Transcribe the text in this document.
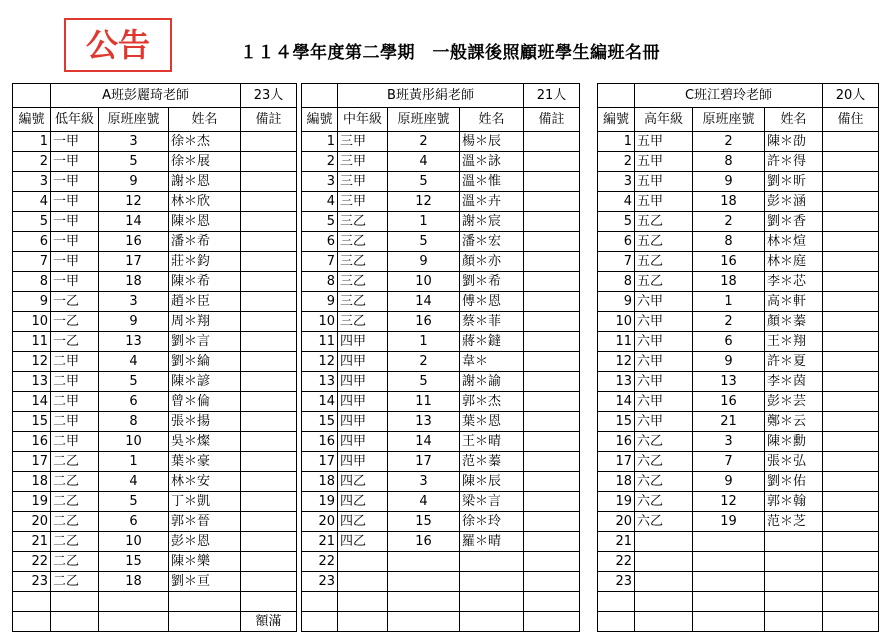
公告	１１４學年度第二學期　一般課後照顧班學生編班名冊
	A班彭麗琦老師			23人
編號	低年級	原班座號	姓名	備註
1	一甲	3	徐＊杰	
2	一甲	5	徐＊展	
3	一甲	9	謝＊恩	
4	一甲	12	林＊欣	
5	一甲	14	陳＊恩	
6	一甲	16	潘＊希	
7	一甲	17	莊＊鈞	
8	一甲	18	陳＊希	
9	一乙	3	趙＊臣	
10	一乙	9	周＊翔	
11	一乙	13	劉＊言	
12	二甲	4	劉＊綸	
13	二甲	5	陳＊諺	
14	二甲	6	曾＊倫	
15	二甲	8	張＊揚	
16	二甲	10	吳＊燦	
17	二乙	1	葉＊豪	
18	二乙	4	林＊安	
19	二乙	5	丁＊凱	
20	二乙	6	郭＊晉	
21	二乙	10	彭＊恩	
22	二乙	15	陳＊樂	
23	二乙	18	劉＊亘	

				額滿
	B班黃彤絹老師			21人
編號	中年級	原班座號	姓名	備註
1	三甲	2	楊＊辰	
2	三甲	4	溫＊詠	
3	三甲	5	溫＊惟	
4	三甲	12	溫＊卉	
5	三乙	1	謝＊宸	
6	三乙	5	潘＊宏	
7	三乙	9	顏＊亦	
8	三乙	10	劉＊希	
9	三乙	14	傅＊恩	
10	三乙	16	蔡＊菲	
11	四甲	1	蔣＊鐽	
12	四甲	2	韋＊	
13	四甲	5	謝＊諭	
14	四甲	11	郭＊杰	
15	四甲	13	葉＊恩	
16	四甲	14	王＊晴	
17	四甲	17	范＊蓁	
18	四乙	3	陳＊辰	
19	四乙	4	梁＊言	
20	四乙	15	徐＊玲	
21	四乙	16	羅＊晴	
22				
23				

	C班江碧玲老師			20人
編號	高年級	原班座號	姓名	備住
1	五甲	2	陳＊劭	
2	五甲	8	許＊得	
3	五甲	9	劉＊昕	
4	五甲	18	彭＊涵	
5	五乙	2	劉＊香	
6	五乙	8	林＊煊	
7	五乙	16	林＊庭	
8	五乙	18	李＊芯	
9	六甲	1	高＊軒	
10	六甲	2	顏＊蓁	
11	六甲	6	王＊翔	
12	六甲	9	許＊夏	
13	六甲	13	李＊茵	
14	六甲	16	彭＊芸	
15	六甲	21	鄭＊云	
16	六乙	3	陳＊勳	
17	六乙	7	張＊弘	
18	六乙	9	劉＊佑	
19	六乙	12	郭＊翰	
20	六乙	19	范＊芝	
21				
22				
23				
